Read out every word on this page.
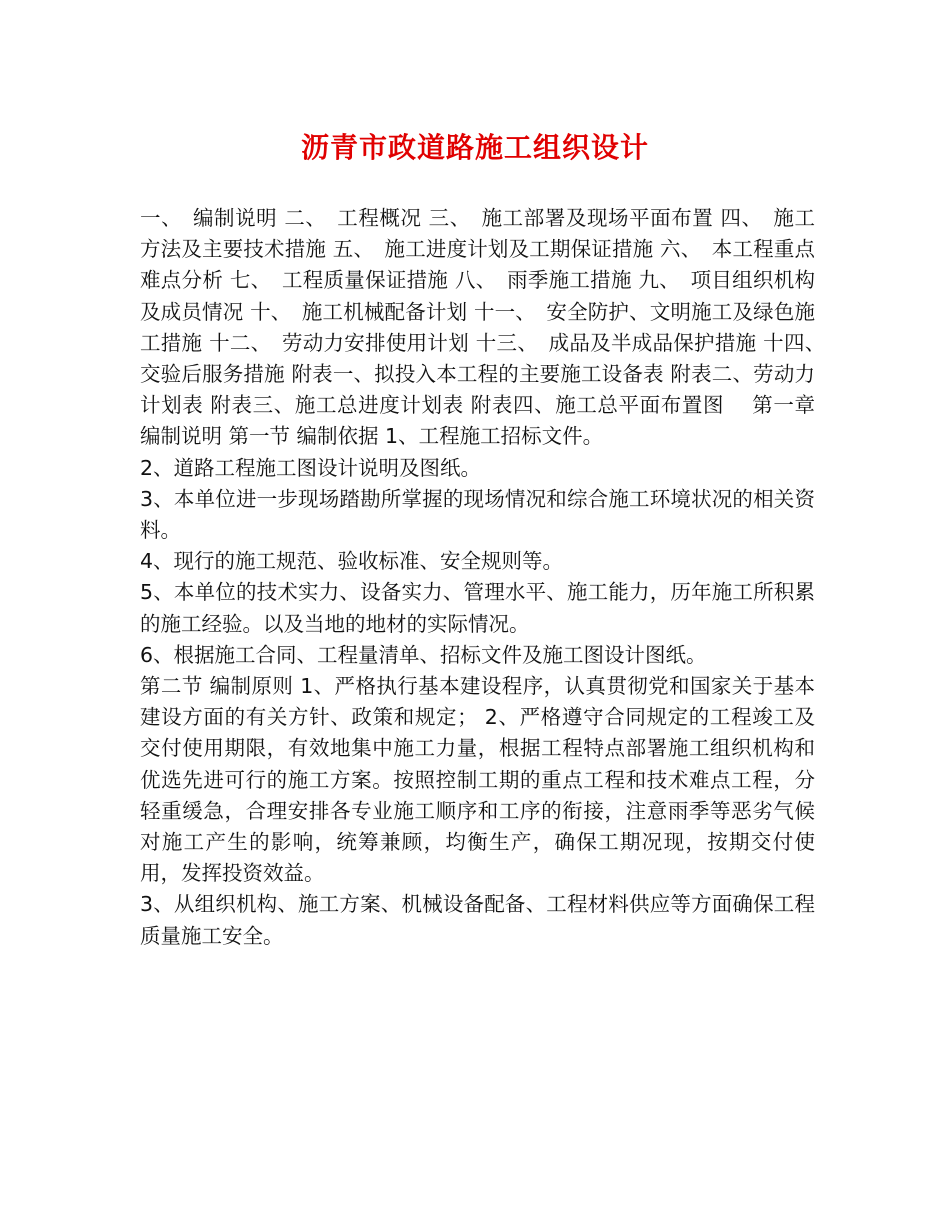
沥青市政道路施工组织设计

一、　编制说明 二、　工程概况 三、　施工部署及现场平面布置 四、　施工方法及主要技术措施 五、　施工进度计划及工期保证措施 六、　本工程重点难点分析 七、　工程质量保证措施 八、　雨季施工措施 九、　项目组织机构及成员情况 十、　施工机械配备计划 十一、　安全防护、文明施工及绿色施工措施 十二、　劳动力安排使用计划 十三、　成品及半成品保护措施 十四、　交验后服务措施 附表一、拟投入本工程的主要施工设备表 附表二、劳动力计划表 附表三、施工总进度计划表 附表四、施工总平面布置图　 第一章 编制说明 第一节 编制依据 1、工程施工招标文件。

2、道路工程施工图设计说明及图纸。

3、本单位进一步现场踏勘所掌握的现场情况和综合施工环境状况的相关资料。

4、现行的施工规范、验收标准、安全规则等。

5、本单位的技术实力、设备实力、管理水平、施工能力，历年施工所积累的施工经验。以及当地的地材的实际情况。

6、根据施工合同、工程量清单、招标文件及施工图设计图纸。

第二节 编制原则 1、严格执行基本建设程序，认真贯彻党和国家关于基本建设方面的有关方针、政策和规定； 2、严格遵守合同规定的工程竣工及交付使用期限，有效地集中施工力量，根据工程特点部署施工组织机构和优选先进可行的施工方案。按照控制工期的重点工程和技术难点工程，分轻重缓急，合理安排各专业施工顺序和工序的衔接，注意雨季等恶劣气候对施工产生的影响，统筹兼顾，均衡生产，确保工期况现，按期交付使用，发挥投资效益。

3、从组织机构、施工方案、机械设备配备、工程材料供应等方面确保工程质量施工安全。
